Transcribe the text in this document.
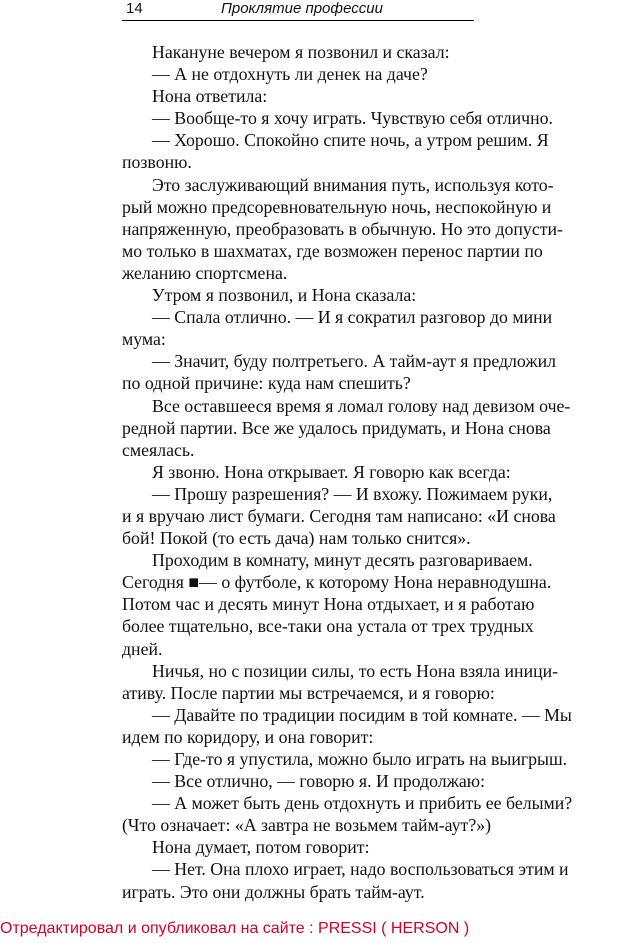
14	Проклятие профессии

Накануне вечером я позвонил и сказал:

— А не отдохнуть ли денек на даче?

Нона ответила:

— Вообще-то я хочу играть. Чувствую себя отлично.

— Хорошо. Спокойно спите ночь, а утром решим. Я

позвоню.

Это заслуживающий внимания путь, используя кото-

рый можно предсоревновательную ночь, неспокойную и

напряженную, преобразовать в обычную. Но это допусти-

мо только в шахматах, где возможен перенос партии по

желанию спортсмена.

Утром я позвонил, и Нона сказала:

— Спала отлично. — И я сократил разговор до мини

мума:

— Значит, буду полтретьего. А тайм-аут я предложил

по одной причине: куда нам спешить?

Все оставшееся время я ломал голову над девизом оче-

редной партии. Все же удалось придумать, и Нона снова

смеялась.

Я звоню. Нона открывает. Я говорю как всегда:

— Прошу разрешения? — И вхожу. Пожимаем руки,

и я вручаю лист бумаги. Сегодня там написано: «И снова

бой! Покой (то есть дача) нам только снится».

Проходим в комнату, минут десять разговариваем.

Сегодня ■— о футболе, к которому Нона неравнодушна.

Потом час и десять минут Нона отдыхает, и я работаю

более тщательно, все-таки она устала от трех трудных

дней.

Ничья, но с позиции силы, то есть Нона взяла иници-

ативу. После партии мы встречаемся, и я говорю:

— Давайте по традиции посидим в той комнате. — Мы

идем по коридору, и она говорит:

— Где-то я упустила, можно было играть на выигрыш.

— Все отлично, — говорю я. И продолжаю:

— А может быть день отдохнуть и прибить ее белыми?

(Что означает: «А завтра не возьмем тайм-аут?»)

Нона думает, потом говорит:

— Нет. Она плохо играет, надо воспользоваться этим и

играть. Это они должны брать тайм-аут.

Отредактировал и опубликовал на сайте : PRESSI ( HERSON )
